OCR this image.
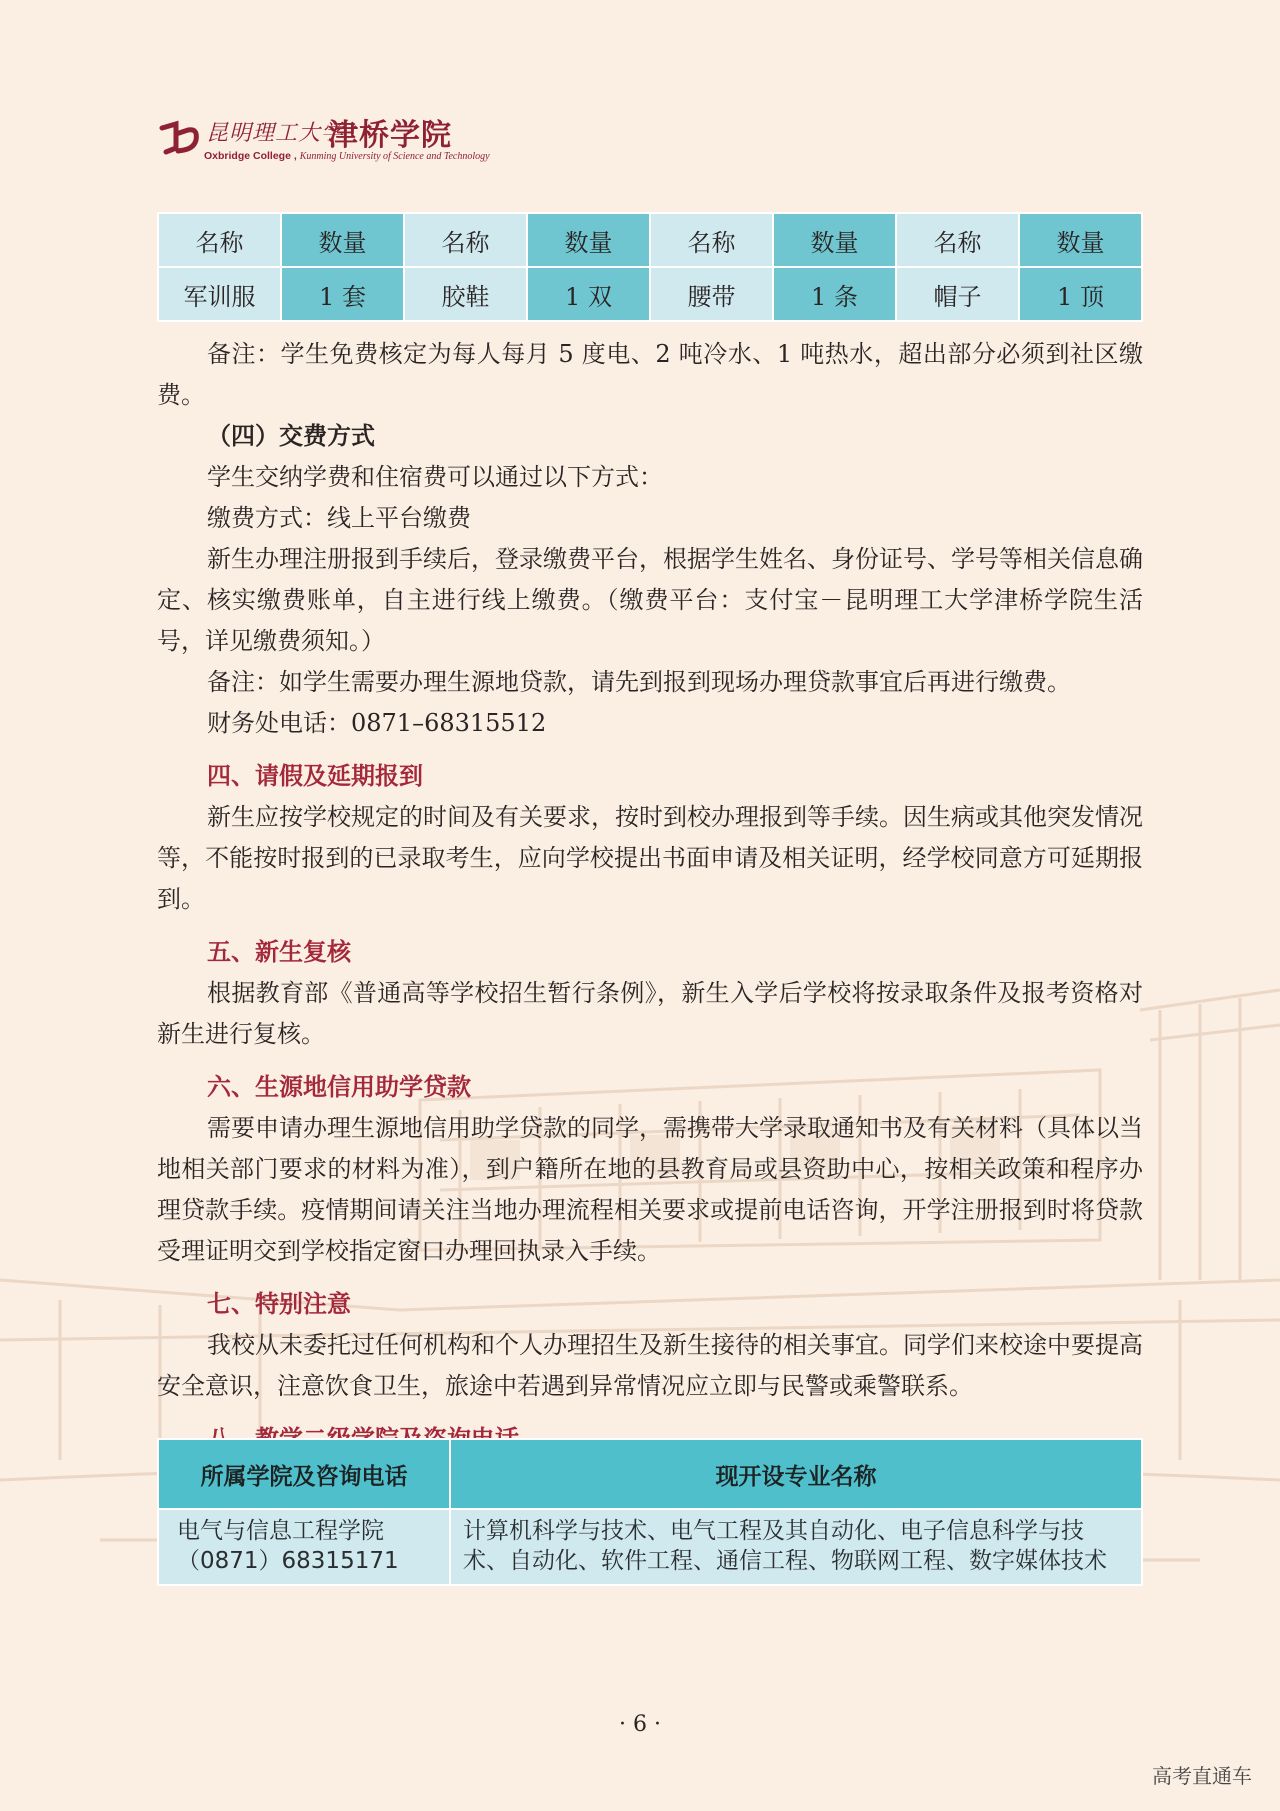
昆明理工大学
津桥学院
Oxbridge College , Kunming University of Science and Technology
名称	数量	名称	数量	名称	数量	名称	数量
军训服	1 套	胶鞋	1 双	腰带	1 条	帽子	1 顶

备注：学生免费核定为每人每月 5 度电、2 吨冷水、1 吨热水，超出部分必须到社区缴费。

（四）交费方式

学生交纳学费和住宿费可以通过以下方式：

缴费方式：线上平台缴费

新生办理注册报到手续后，登录缴费平台，根据学生姓名、身份证号、学号等相关信息确定、核实缴费账单，自主进行线上缴费。（缴费平台：支付宝－昆明理工大学津桥学院生活号，详见缴费须知。）

备注：如学生需要办理生源地贷款，请先到报到现场办理贷款事宜后再进行缴费。

财务处电话：0871–68315512

四、请假及延期报到

新生应按学校规定的时间及有关要求，按时到校办理报到等手续。因生病或其他突发情况等，不能按时报到的已录取考生，应向学校提出书面申请及相关证明，经学校同意方可延期报到。

五、新生复核

根据教育部《普通高等学校招生暂行条例》，新生入学后学校将按录取条件及报考资格对新生进行复核。

六、生源地信用助学贷款

需要申请办理生源地信用助学贷款的同学，需携带大学录取通知书及有关材料（具体以当地相关部门要求的材料为准），到户籍所在地的县教育局或县资助中心，按相关政策和程序办理贷款手续。疫情期间请关注当地办理流程相关要求或提前电话咨询，开学注册报到时将贷款受理证明交到学校指定窗口办理回执录入手续。

七、特别注意

我校从未委托过任何机构和个人办理招生及新生接待的相关事宜。同学们来校途中要提高安全意识，注意饮食卫生，旅途中若遇到异常情况应立即与民警或乘警联系。

所属学院及咨询电话	现开设专业名称

电气与信息工程学院
（0871）68315171	计算机科学与技术、电气工程及其自动化、电子信息科学与技术、自动化、软件工程、通信工程、物联网工程、数字媒体技术
· 6 ·
高考直通车
